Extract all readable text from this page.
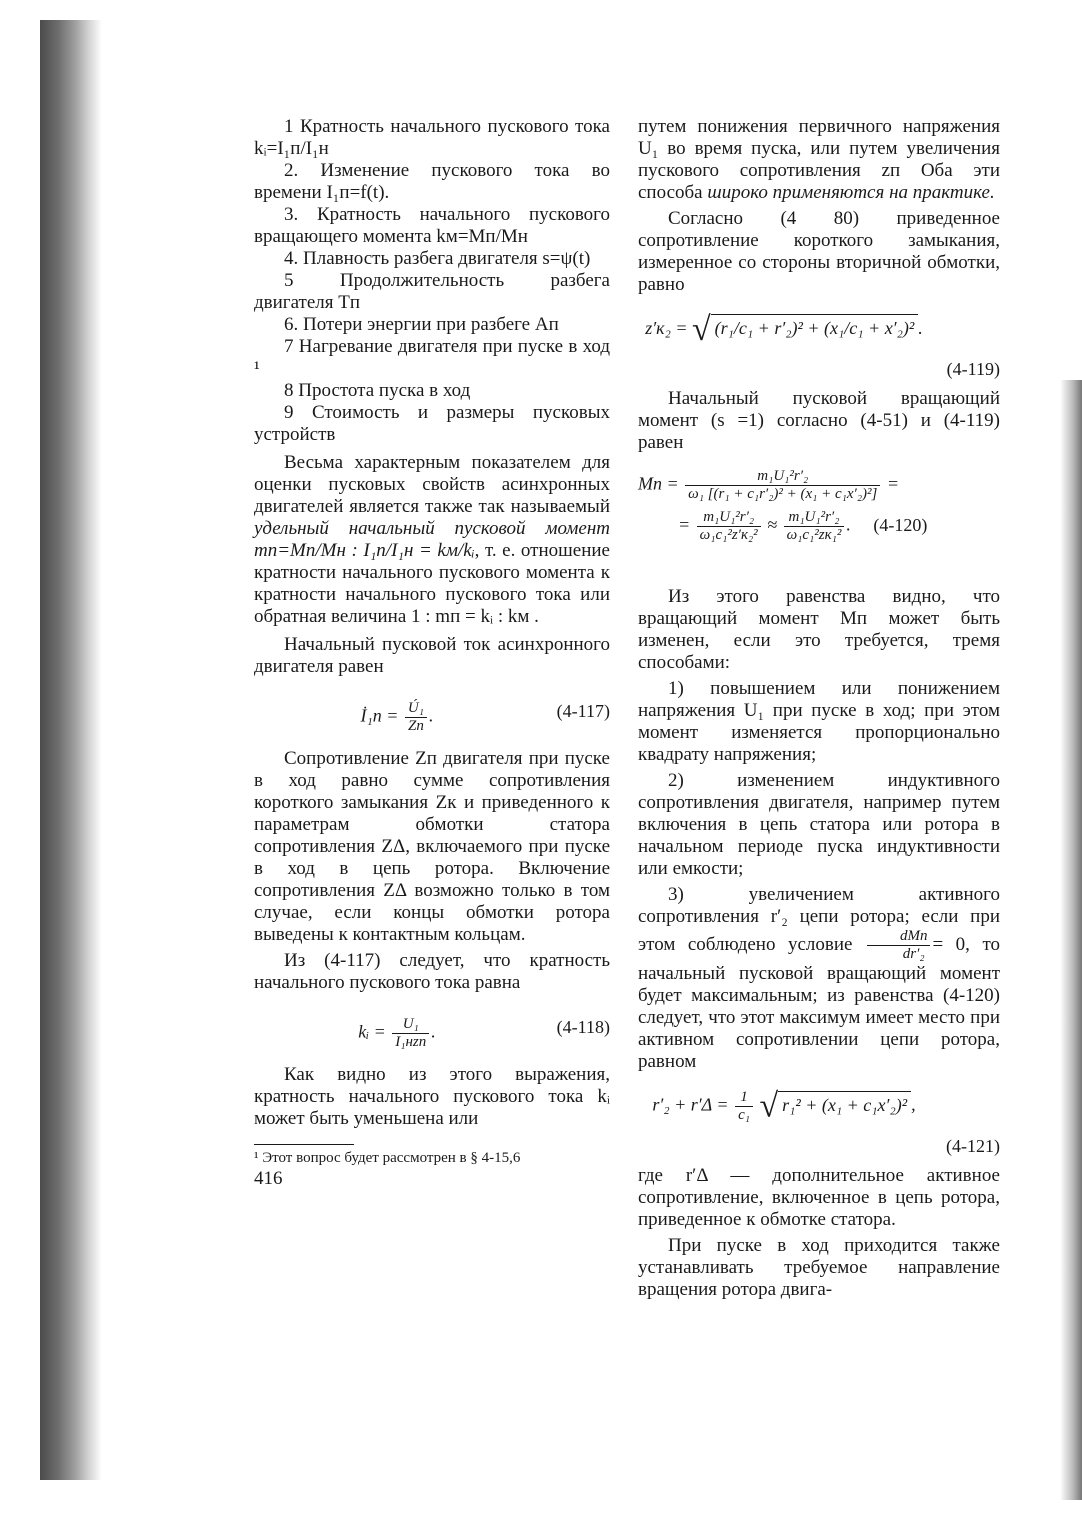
1 Кратность начального пускового тока kᵢ=I₁п/I₁н

2. Изменение пускового тока во времени I₁п=f(t).

3. Кратность начального пускового вращающего момента kм=Mп/Mн

4. Плавность разбега двигателя s=ψ(t)

5 Продолжительность разбега двигателя Tп

6. Потери энергии при разбеге Aп

7 Нагревание двигателя при пуске в ход ¹

8 Простота пуска в ход

9 Стоимость и размеры пусковых устройств

Весьма характерным показателем для оценки пусковых свойств асинхронных двигателей является также так называемый удельный начальный пусковой момент mп=Mп/Mн : I₁п/I₁н = kм/kᵢ, т. е. отношение кратности начального пускового момента к кратности начального пускового тока или обратная величина 1 : mп = kᵢ : kм .

Начальный пусковой ток асинхронного двигателя равен

İ₁п = $\frac{\text{Ú₁}}{Zп}$ .	(4-117)

Сопротивление Zп двигателя при пуске в ход равно сумме сопротивления короткого замыкания Zк и приведенного к параметрам обмотки статора сопротивления ZΔ, включаемого при пуске в ход в цепь ротора. Включение сопротивления ZΔ возможно только в том случае, если концы обмотки ротора выведены к контактным кольцам.

Из (4-117) следует, что кратность начального пускового тока равна

kᵢ = $\frac{\text{U₁}}{\text{I₁нzп}}$ .	(4-118)

Как видно из этого выражения, кратность начального пускового тока kᵢ может быть уменьшена или

¹ Этот вопрос будет рассмотрен в § 4-15,6

416

путем понижения первичного напряжения U₁ во время пуска, или путем увеличения пускового сопротивления zп Оба эти способа широко применяются на практике.

Согласно (4 80) приведенное сопротивление короткого замыкания, измеренное со стороны вторичной обмотки, равно

z′к₂ = √ (r₁/c₁ + r′₂)² + (x₁/c₁ + x′₂)² .
(4-119)

Начальный пусковой вращающий момент (s =1) согласно (4-51) и (4-119) равен

Mп = $\frac{\text{m₁U₁²r′₂}}{\text{ω₁ [(r₁ + c₁r′₂)² + (x₁ + c₁x′₂)²]}}$ =
= $\frac{\text{m₁U₁²r′₂}}{\text{ω₁c₁²z′к₂²}} \approx \frac{\text{m₁U₁²r′₂}}{\text{ω₁c₁²zк₁²}}$ . (4-120)

Из этого равенства видно, что вращающий момент Mп может быть изменен, если это требуется, тремя способами:

1) повышением или понижением напряжения U₁ при пуске в ход; при этом момент изменяется пропорционально квадрату напряжения;

2) изменением индуктивного сопротивления двигателя, например путем включения в цепь статора или ротора в начальном периоде пуска индуктивности или емкости;

3) увеличением активного сопротивления r′₂ цепи ротора; если при этом соблюдено условие $\frac{\text{dMп}}{\text{dr′₂}} = 0$, то начальный пусковой вращающий момент будет максимальным; из равенства (4-120) следует, что этот максимум имеет место при активном сопротивлении цепи ротора, равном

$r'_2 + r'\Delta = \frac{1}{\text{c₁}}$ √ r₁² + (x₁ + c₁x′₂)² ,
(4-121)

где r′Δ — дополнительное активное сопротивление, включенное в цепь ротора, приведенное к обмотке статора.

При пуске в ход приходится также устанавливать требуемое направление вращения ротора двига-
